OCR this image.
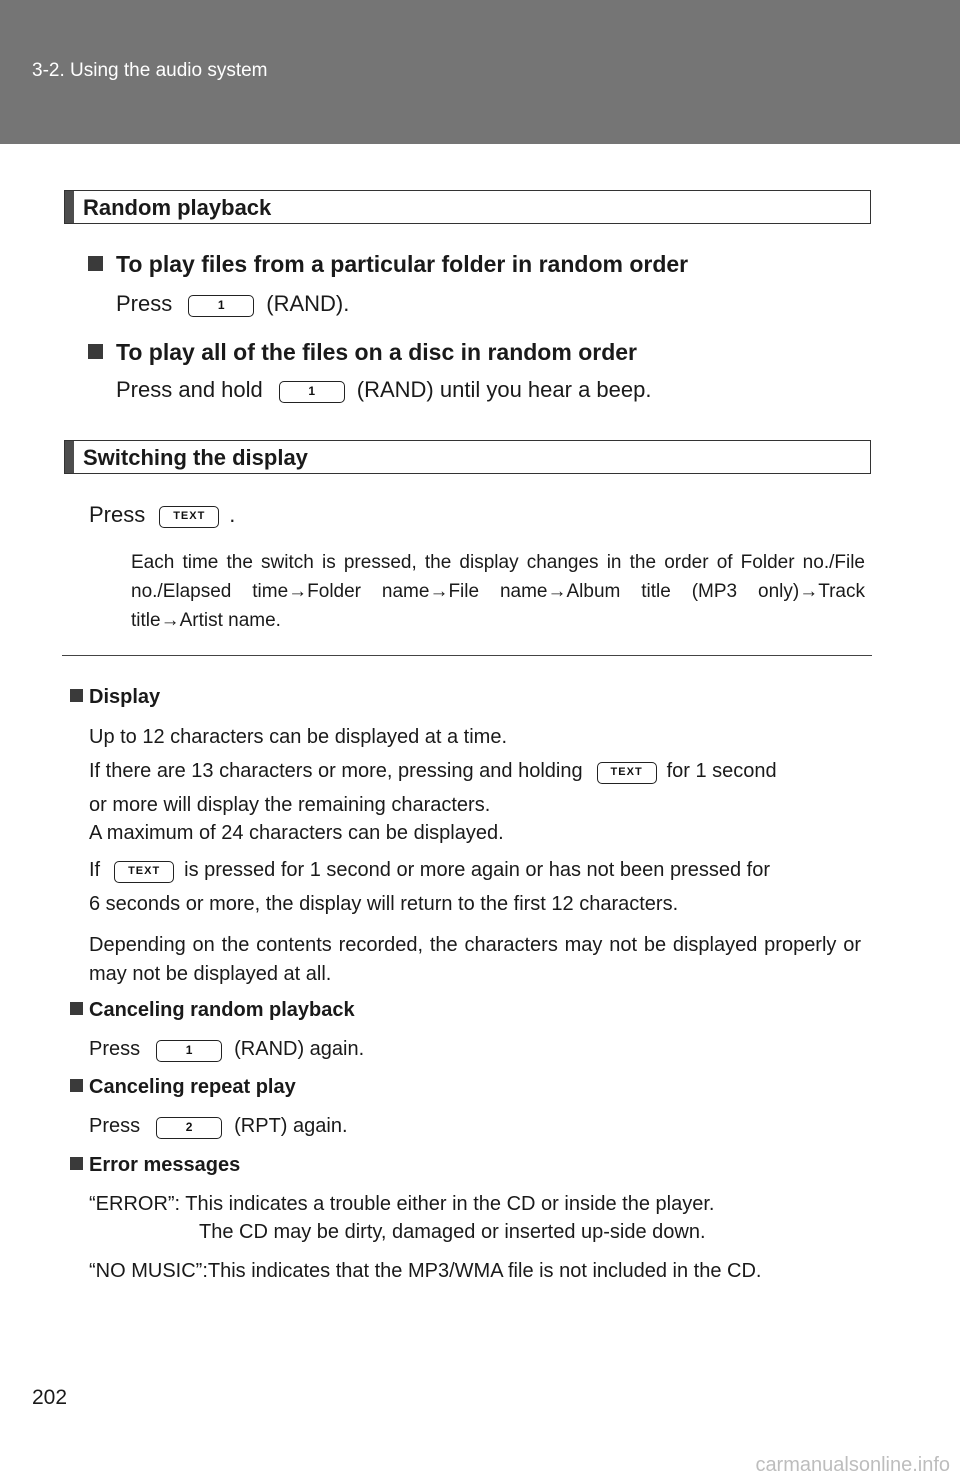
3-2. Using the audio system
Random playback
To play files from a particular folder in random order
Press	1 (RAND).
To play all of the files on a disc in random order
Press and hold	1 (RAND) until you hear a beep.
Switching the display
Press	TEXT .
Each time the switch is pressed, the display changes in the order of Folder no./File no./Elapsed time→Folder name→File name→Album title (MP3 only)→Track title→Artist name.
Display
Up to 12 characters can be displayed at a time.
If there are 13 characters or more, pressing and holding	TEXT for 1 second
or more will display the remaining characters.
A maximum of 24 characters can be displayed.
If	TEXT is pressed for 1 second or more again or has not been pressed for
6 seconds or more, the display will return to the first 12 characters.
Depending on the contents recorded, the characters may not be displayed properly or may not be displayed at all.
Canceling random playback
Press	1 (RAND) again.
Canceling repeat play
Press	2 (RPT) again.
Error messages
“ERROR”: This indicates a trouble either in the CD or inside the player.
The CD may be dirty, damaged or inserted up-side down.
“NO MUSIC”:This indicates that the MP3/WMA file is not included in the CD.
202
carmanualsonline.info
